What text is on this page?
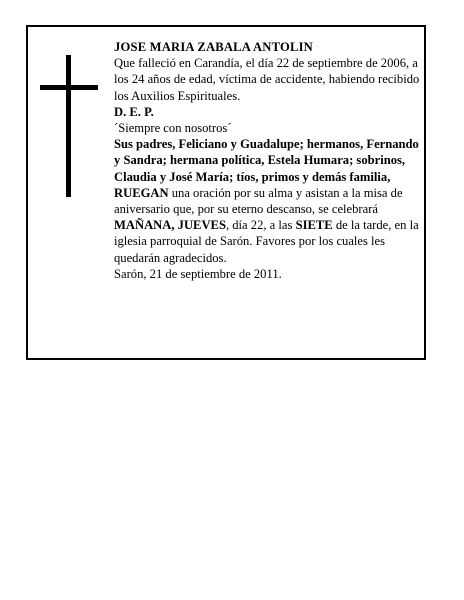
JOSE MARIA ZABALA ANTOLIN

Que falleció en Carandía, el día 22 de septiembre de 2006, a los 24 años de edad, víctima de accidente, habiendo recibido los Auxilios Espirituales.

D. E. P.

´Siempre con nosotros´

Sus padres, Feliciano y Guadalupe; hermanos, Fernando y Sandra; hermana política, Estela Humara; sobrinos, Claudia y José María; tíos, primos y demás familia,

RUEGAN una oración por su alma y asistan a la misa de aniversario que, por su eterno descanso, se celebrará MAÑANA, JUEVES, día 22, a las SIETE de la tarde, en la iglesia parroquial de Sarón. Favores por los cuales les quedarán agradecidos.

Sarón, 21 de septiembre de 2011.
